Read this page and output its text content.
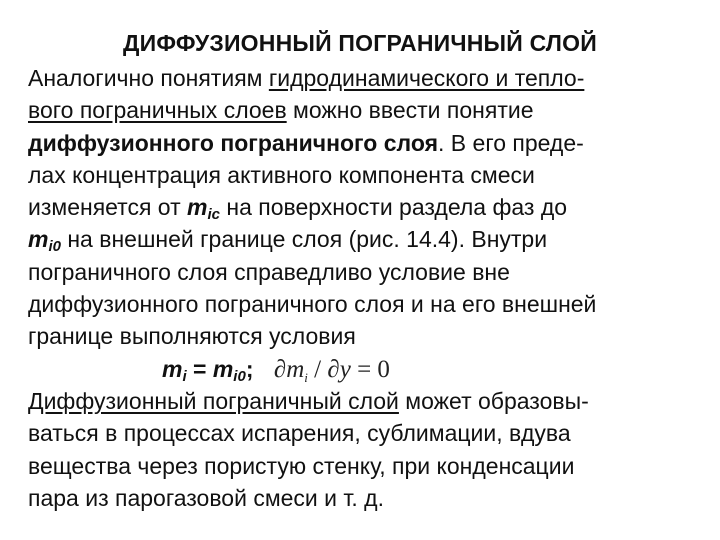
ДИФФУЗИОННЫЙ ПОГРАНИЧНЫЙ СЛОЙ
Аналогично понятиям гидродинамического и тепло-
вого пограничных слоев можно ввести понятие
диффузионного пограничного слоя. В его преде-
лах концентрация активного компонента смеси
изменяется от $m_{ic}$ на поверхности раздела фаз до
$m_{i0}$ на внешней границе слоя (рис. 14.4). Внутри
пограничного слоя справедливо условие вне
диффузионного пограничного слоя и на его внешней
границе выполняются условия
$m_i = m_{i0}$; $\partial m_i / \partial y = 0$
Диффузионный пограничный слой может образовы-
ваться в процессах испарения, сублимации, вдува
вещества через пористую стенку, при конденсации
пара из парогазовой смеси и т. д.
